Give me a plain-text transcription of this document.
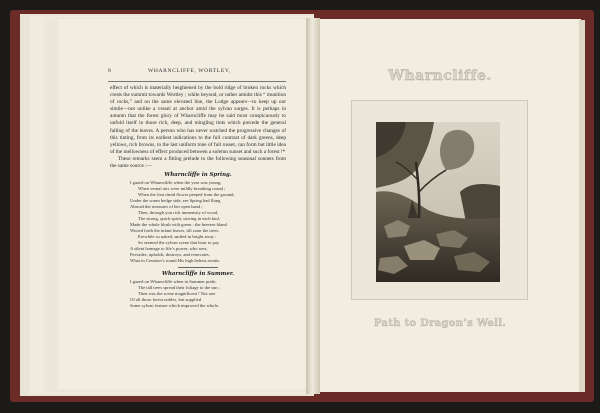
8	WHARNCLIFFE, WORTLEY,

effect of which is materially heightened by the bold ridge of broken rocks which crests the summit towards Wortley ; while beyond, or rather amidst this “ munition of rocks,” and on the same elevated line, the Lodge appears—to keep up our simile—not unlike a vessel at anchor amid the sylvan surges. It is perhaps in autumn that the forest glory of Wharncliffe may be said most conspicuously to unfold itself in those rich, deep, and mingling tints which precede the general falling of the leaves. A person who has never watched the progressive changes of this tinting, from its earliest indications to the full contrast of dark greens, deep yellows, rich browns, to the last uniform tone of full russet, can form but little idea of the mellowness of effect produced between a solemn sunset and such a forest !*

These remarks seem a fitting prelude to the following seasonal sonnets from the same source :—

Wharncliffe in Spring.
I gazed on Wharncliffe when the year was young,
When vernal airs were mildly breathing round ;
When the first timid flower peeped from the ground,
Under the warm hedge side, ere Spring had flung
Abroad the treasures of her open hand ;
Then, through yon rich immensity of wood,
The strong, quick spirit, stirring in each bud,
Made the whole blush with green : the breezes bland
Wooed forth the infant leaves, till soon the trees,
Erewhile so naked, smiled in bright array :
So seemed the sylvan scene that hour to pay
A silent homage to life’s power, who sees,
Pervades, upholds, destroys, and renovates,
What in Creation’s round His high behest awaits.
Wharncliffe in Summer.
I gazed on Wharncliffe when in Summer pride,
The tall trees spread their foliage to the sun ;
Then was the scene magnificent ! Not one
Of all those forest nobles, but supplied
Some sylvan feature which improved the whole.
Wharncliffe.
Path to Dragon’s Well.
